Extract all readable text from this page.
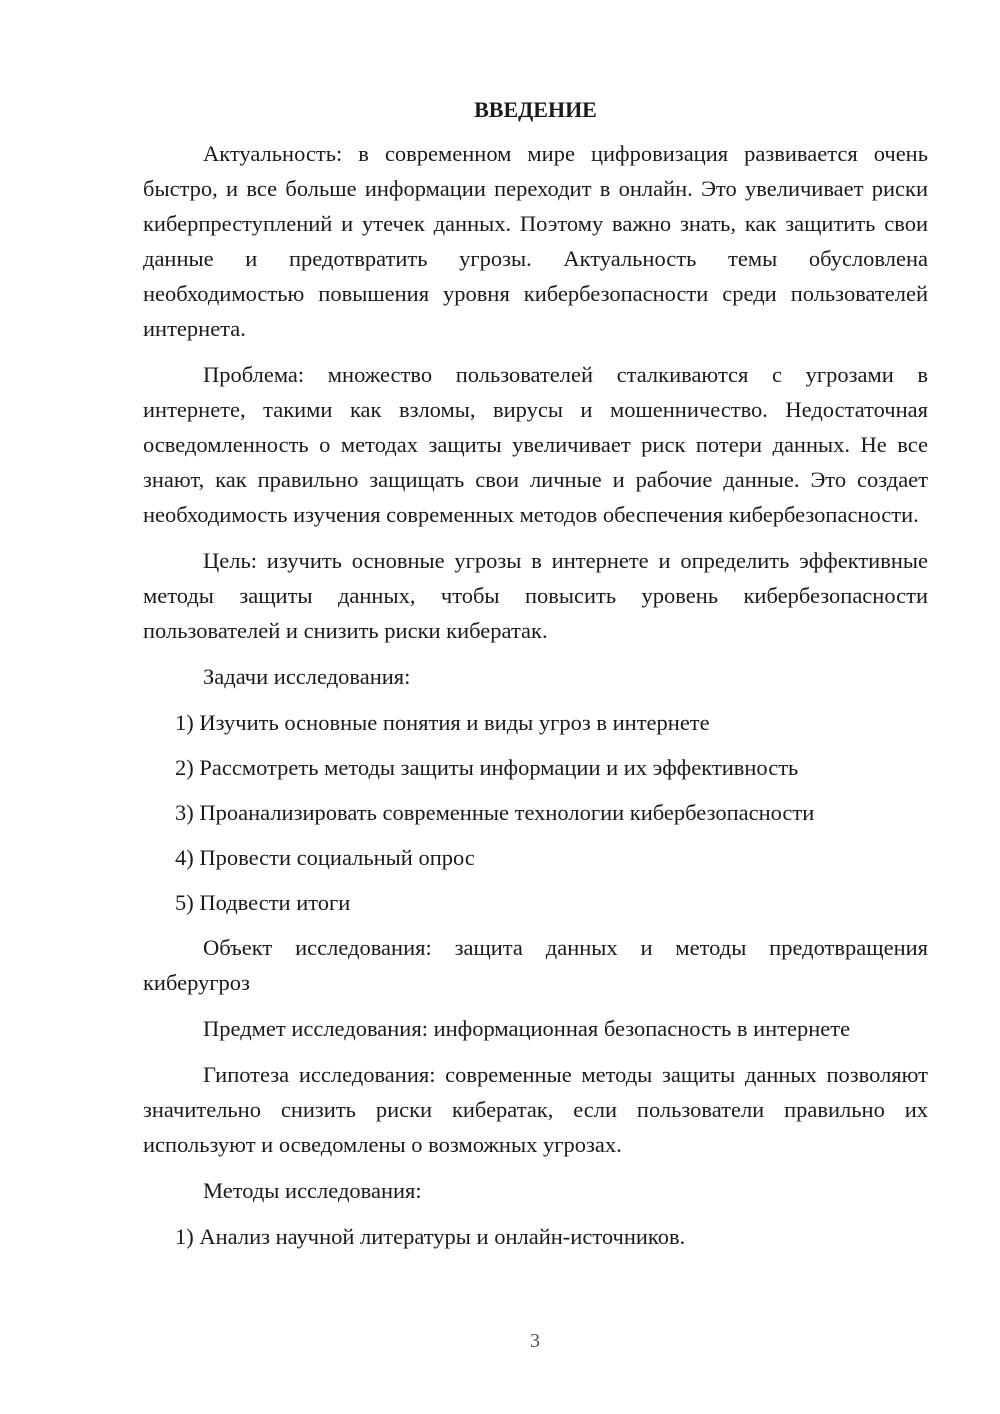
ВВЕДЕНИЕ

Актуальность: в современном мире цифровизация развивается очень быстро, и все больше информации переходит в онлайн. Это увеличивает риски киберпреступлений и утечек данных. Поэтому важно знать, как защитить свои данные и предотвратить угрозы. Актуальность темы обусловлена необходимостью повышения уровня кибербезопасности среди пользователей интернета.

Проблема: множество пользователей сталкиваются с угрозами в интернете, такими как взломы, вирусы и мошенничество. Недостаточная осведомленность о методах защиты увеличивает риск потери данных. Не все знают, как правильно защищать свои личные и рабочие данные. Это создает необходимость изучения современных методов обеспечения кибербезопасности.

Цель: изучить основные угрозы в интернете и определить эффективные методы защиты данных, чтобы повысить уровень кибербезопасности пользователей и снизить риски кибератак.

Задачи исследования:

1) Изучить основные понятия и виды угроз в интернете

2) Рассмотреть методы защиты информации и их эффективность

3) Проанализировать современные технологии кибербезопасности

4) Провести социальный опрос

5) Подвести итоги

Объект исследования: защита данных и методы предотвращения киберугроз

Предмет исследования: информационная безопасность в интернете

Гипотеза исследования: современные методы защиты данных позволяют значительно снизить риски кибератак, если пользователи правильно их используют и осведомлены о возможных угрозах.

Методы исследования:

1) Анализ научной литературы и онлайн-источников.

3
